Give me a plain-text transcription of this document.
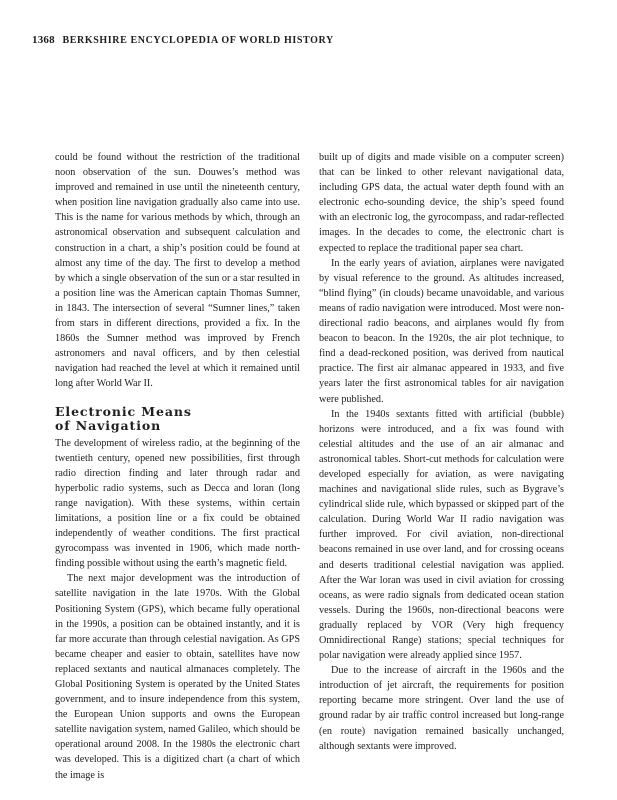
1368 BERKSHIRE ENCYCLOPEDIA OF WORLD HISTORY

could be found without the restriction of the traditional noon observation of the sun. Douwes’s method was improved and remained in use until the nineteenth century, when position line navigation gradually also came into use. This is the name for various methods by which, through an astronomical observation and subsequent calculation and construction in a chart, a ship’s position could be found at almost any time of the day. The first to develop a method by which a single observation of the sun or a star resulted in a position line was the American captain Thomas Sumner, in 1843. The intersection of several “Sumner lines,” taken from stars in different directions, provided a fix. In the 1860s the Sumner method was improved by French astronomers and naval officers, and by then celestial navigation had reached the level at which it remained until long after World War II.

Electronic Means
of Navigation

The development of wireless radio, at the beginning of the twentieth century, opened new possibilities, first through radio direction finding and later through radar and hyperbolic radio systems, such as Decca and loran (long range navigation). With these systems, within certain limitations, a position line or a fix could be obtained independently of weather conditions. The first practical gyrocompass was invented in 1906, which made north-finding possible without using the earth’s magnetic field.

The next major development was the introduction of satellite navigation in the late 1970s. With the Global Positioning System (GPS), which became fully operational in the 1990s, a position can be obtained instantly, and it is far more accurate than through celestial navigation. As GPS became cheaper and easier to obtain, satellites have now replaced sextants and nautical almanaces completely. The Global Positioning System is operated by the United States government, and to insure independence from this system, the European Union supports and owns the European satellite navigation system, named Galileo, which should be operational around 2008. In the 1980s the electronic chart was developed. This is a digitized chart (a chart of which the image is

built up of digits and made visible on a computer screen) that can be linked to other relevant navigational data, including GPS data, the actual water depth found with an electronic echo-sounding device, the ship’s speed found with an electronic log, the gyrocompass, and radar-reflected images. In the decades to come, the electronic chart is expected to replace the traditional paper sea chart.

In the early years of aviation, airplanes were navigated by visual reference to the ground. As altitudes increased, “blind flying” (in clouds) became unavoidable, and various means of radio navigation were introduced. Most were non-directional radio beacons, and airplanes would fly from beacon to beacon. In the 1920s, the air plot technique, to find a dead-reckoned position, was derived from nautical practice. The first air almanac appeared in 1933, and five years later the first astronomical tables for air navigation were published.

In the 1940s sextants fitted with artificial (bubble) horizons were introduced, and a fix was found with celestial altitudes and the use of an air almanac and astronomical tables. Short-cut methods for calculation were developed especially for aviation, as were navigating machines and navigational slide rules, such as Bygrave’s cylindrical slide rule, which bypassed or skipped part of the calculation. During World War II radio navigation was further improved. For civil aviation, non-directional beacons remained in use over land, and for crossing oceans and deserts traditional celestial navigation was applied. After the War loran was used in civil aviation for crossing oceans, as were radio signals from dedicated ocean station vessels. During the 1960s, non-directional beacons were gradually replaced by VOR (Very high frequency Omnidirectional Range) stations; special techniques for polar navigation were already applied since 1957.

Due to the increase of aircraft in the 1960s and the introduction of jet aircraft, the requirements for position reporting became more stringent. Over land the use of ground radar by air traffic control increased but long-range (en route) navigation remained basically unchanged, although sextants were improved.
